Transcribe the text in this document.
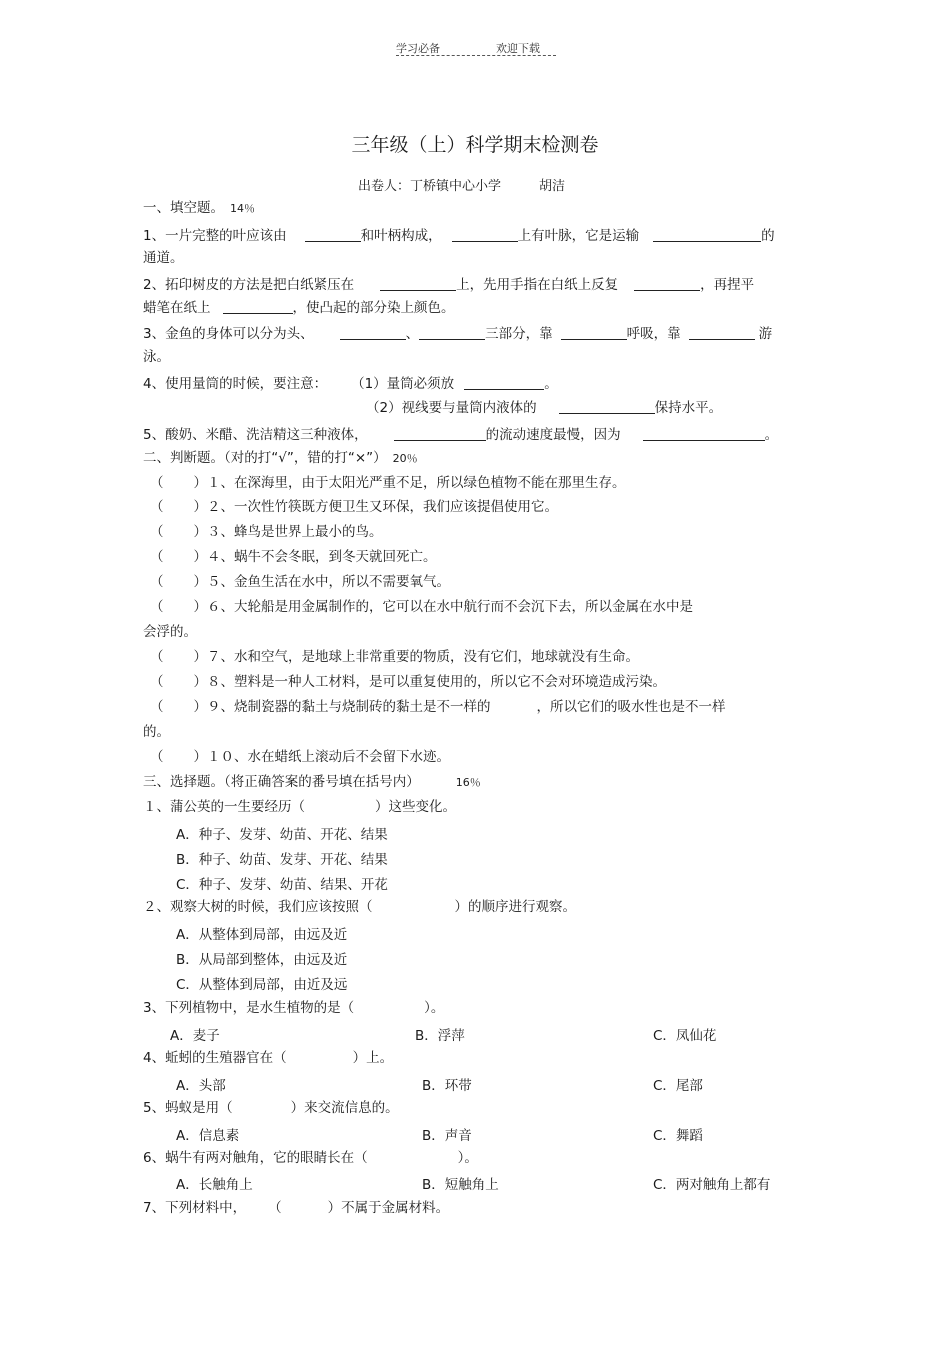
学习必备	欢迎下载
三年级（上）科学期末检测卷
出卷人：丁桥镇中心小学	胡洁
一、填空题。 14％
1、一片完整的叶应该由	和叶柄构成，	上有叶脉，它是运输	的
通道。
2、拓印树皮的方法是把白纸紧压在	上，先用手指在白纸上反复	，再捏平
蜡笔在纸上	，使凸起的部分染上颜色。
3、金鱼的身体可以分为头、	、	三部分，靠	呼吸，靠	游
泳。
4、使用量筒的时候，要注意： （1）量筒必须放	。
（2）视线要与量筒内液体的	保持水平。
5、酸奶、米醋、洗洁精这三种液体，	的流动速度最慢，因为	。
二、判断题。（对的打“√”，错的打“×”） 20％
（ ）１、在深海里，由于太阳光严重不足，所以绿色植物不能在那里生存。
（ ）２、一次性竹筷既方便卫生又环保，我们应该提倡使用它。
（ ）３、蜂鸟是世界上最小的鸟。
（ ）４、蜗牛不会冬眠，到冬天就回死亡。
（ ）５、金鱼生活在水中，所以不需要氧气。
（ ）６、大轮船是用金属制作的，它可以在水中航行而不会沉下去，所以金属在水中是
会浮的。
（ ）７、水和空气，是地球上非常重要的物质，没有它们，地球就没有生命。
（ ）８、塑料是一种人工材料，是可以重复使用的，所以它不会对环境造成污染。
（ ）９、烧制瓷器的黏土与烧制砖的黏土是不一样的	，所以它们的吸水性也是不一样
的。
（ ）１０、水在蜡纸上滚动后不会留下水迹。
三、选择题。（将正确答案的番号填在括号内）	16％
１、蒲公英的一生要经历（	）这些变化。
A．种子、发芽、幼苗、开花、结果
B．种子、幼苗、发芽、开花、结果
C．种子、发芽、幼苗、结果、开花
２、观察大树的时候，我们应该按照（	）的顺序进行观察。
A．从整体到局部，由远及近
B．从局部到整体，由远及近
C．从整体到局部，由近及远
3、下列植物中，是水生植物的是（	）。
A．麦子	B．浮萍	C．凤仙花
4、蚯蚓的生殖器官在（	）上。
A．头部	B．环带	C．尾部
5、蚂蚁是用（	）来交流信息的。
A．信息素	B．声音	C．舞蹈
6、蜗牛有两对触角，它的眼睛长在（	）。
A．长触角上	B．短触角上	C．两对触角上都有
7、下列材料中， （	）不属于金属材料。
